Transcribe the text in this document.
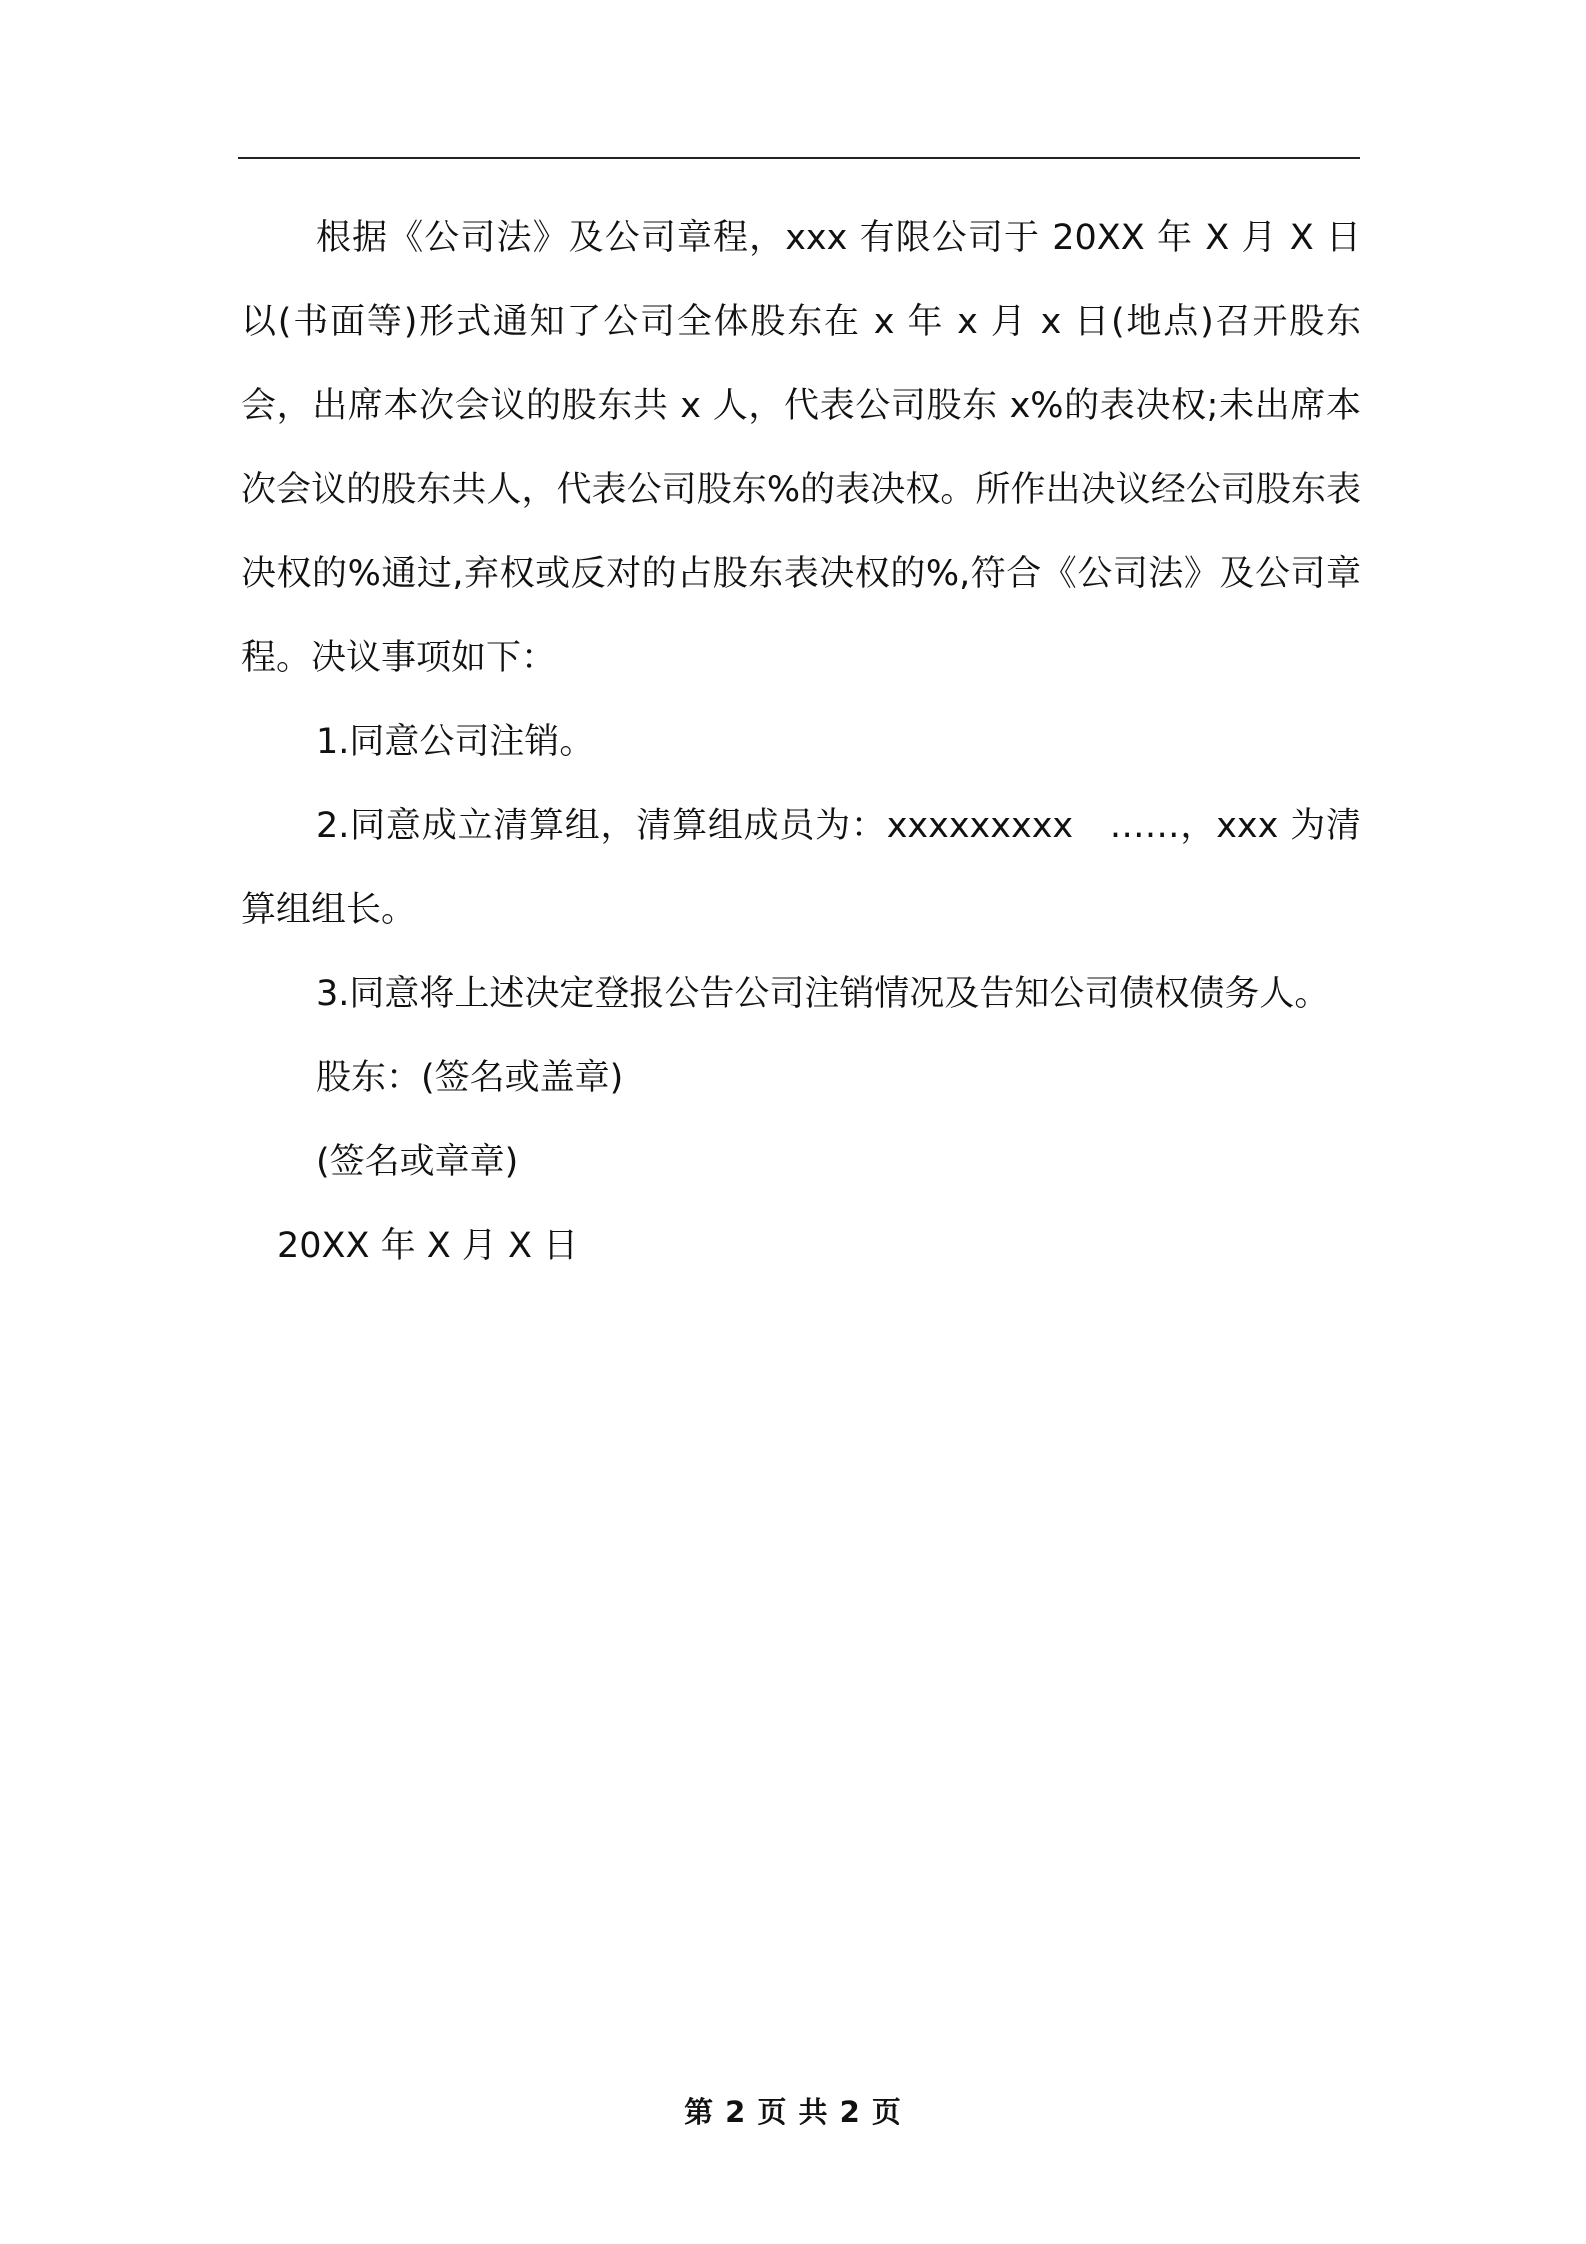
根据《公司法》及公司章程，xxx 有限公司于 20XX 年 X 月 X 日以(书面等)形式通知了公司全体股东在 x 年 x 月 x 日(地点)召开股东会，出席本次会议的股东共 x 人，代表公司股东 x%的表决权;未出席本次会议的股东共人，代表公司股东%的表决权。所作出决议经公司股东表决权的%通过,弃权或反对的占股东表决权的%,符合《公司法》及公司章程。决议事项如下：

1.同意公司注销。

2.同意成立清算组，清算组成员为：xxxxxxxxx　……，xxx 为清算组组长。

3.同意将上述决定登报公告公司注销情况及告知公司债权债务人。

股东：(签名或盖章)

(签名或章章)

20XX 年 X 月 X 日

第 2 页 共 2 页
